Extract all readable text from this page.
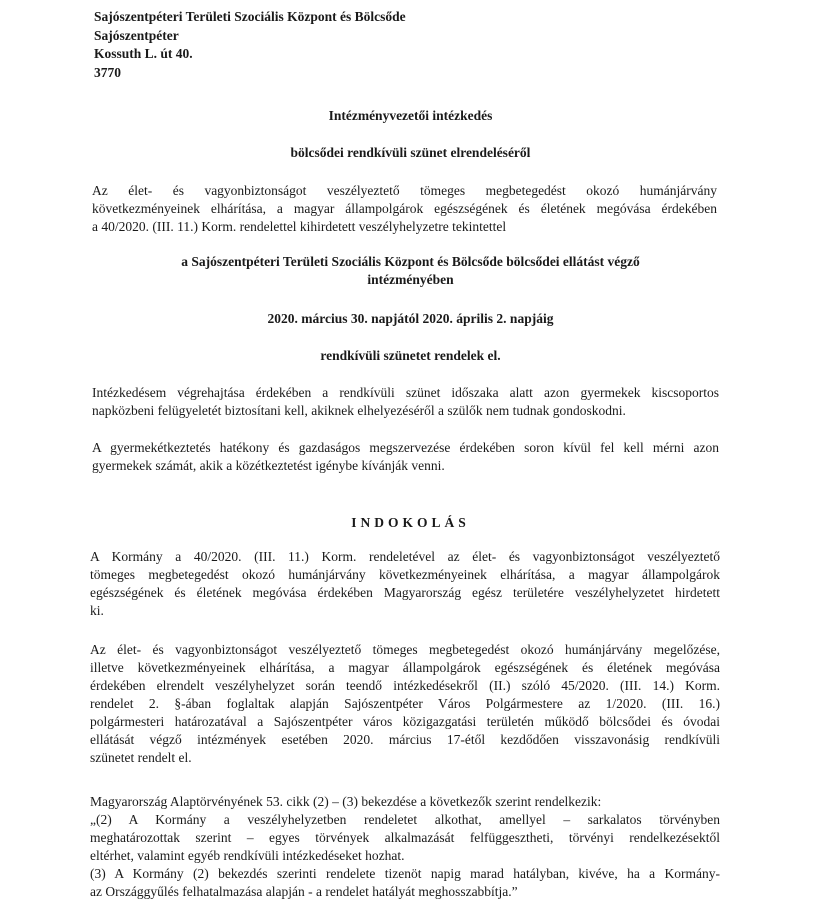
Sajószentpéteri Területi Szociális Központ és Bölcsőde
Sajószentpéter
Kossuth L. út 40.
3770
Intézményvezetői intézkedés
bölcsődei rendkívüli szünet elrendeléséről
Az élet- és vagyonbiztonságot veszélyeztető tömeges megbetegedést okozó humánjárvány
következményeinek elhárítása, a magyar állampolgárok egészségének és életének megóvása érdekében
a 40/2020. (III. 11.) Korm. rendelettel kihirdetett veszélyhelyzetre tekintettel
a Sajószentpéteri Területi Szociális Központ és Bölcsőde bölcsődei ellátást végző
intézményében
2020. március 30. napjától 2020. április 2. napjáig
rendkívüli szünetet rendelek el.
Intézkedésem végrehajtása érdekében a rendkívüli szünet időszaka alatt azon gyermekek kiscsoportos
napközbeni felügyeletét biztosítani kell, akiknek elhelyezéséről a szülők nem tudnak gondoskodni.
A gyermekétkeztetés hatékony és gazdaságos megszervezése érdekében soron kívül fel kell mérni azon
gyermekek számát, akik a közétkeztetést igénybe kívánják venni.
INDOKOLÁS
A Kormány a 40/2020. (III. 11.) Korm. rendeletével az élet- és vagyonbiztonságot veszélyeztető
tömeges megbetegedést okozó humánjárvány következményeinek elhárítása, a magyar állampolgárok
egészségének és életének megóvása érdekében Magyarország egész területére veszélyhelyzetet hirdetett
ki.
Az élet- és vagyonbiztonságot veszélyeztető tömeges megbetegedést okozó humánjárvány megelőzése,
illetve következményeinek elhárítása, a magyar állampolgárok egészségének és életének megóvása
érdekében elrendelt veszélyhelyzet során teendő intézkedésekről (II.) szóló 45/2020. (III. 14.) Korm.
rendelet 2. §-ában foglaltak alapján Sajószentpéter Város Polgármestere az 1/2020. (III. 16.)
polgármesteri határozatával a Sajószentpéter város közigazgatási területén működő bölcsődei és óvodai
ellátását végző intézmények esetében 2020. március 17-étől kezdődően visszavonásig rendkívüli
szünetet rendelt el.
Magyarország Alaptörvényének 53. cikk (2) – (3) bekezdése a következők szerint rendelkezik:
„(2) A Kormány a veszélyhelyzetben rendeletet alkothat, amellyel – sarkalatos törvényben
meghatározottak szerint – egyes törvények alkalmazását felfüggesztheti, törvényi rendelkezésektől
eltérhet, valamint egyéb rendkívüli intézkedéseket hozhat.
(3) A Kormány (2) bekezdés szerinti rendelete tizenöt napig marad hatályban, kivéve, ha a Kormány-
az Országgyűlés felhatalmazása alapján - a rendelet hatályát meghosszabbítja.”
